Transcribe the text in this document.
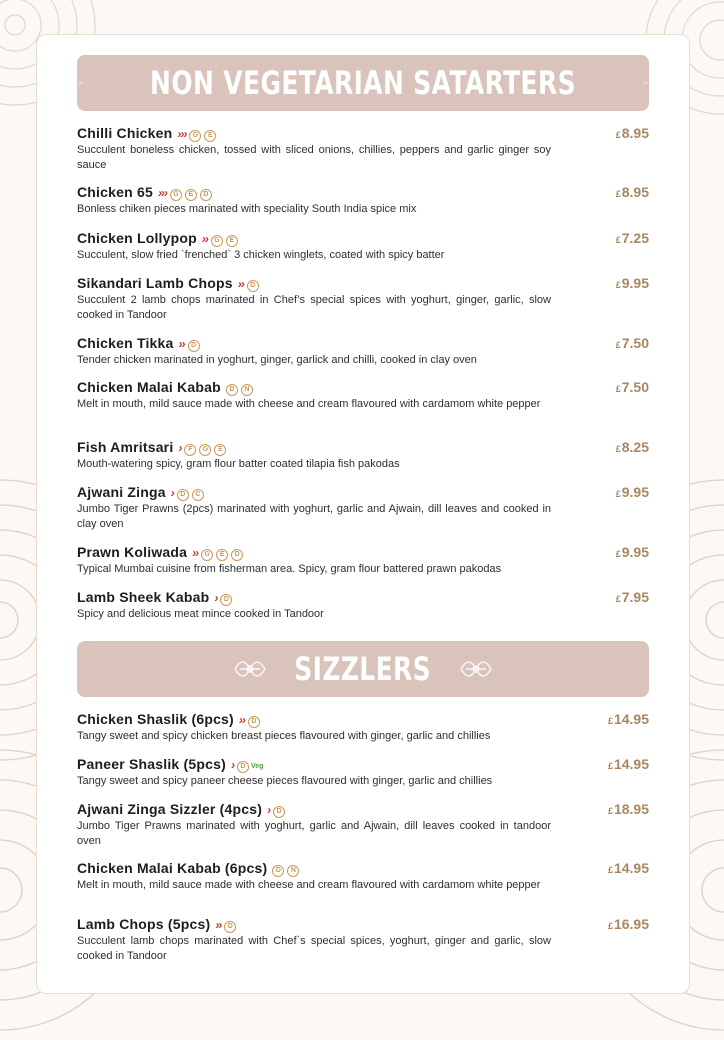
NON VEGETARIAN SATARTERS
Chilli Chicken ››› G E
Succulent boneless chicken, tossed with sliced onions, chillies, peppers and garlic ginger soy sauce
£8.95
Chicken 65 ››› G E D
Bonless chiken pieces marinated with speciality South India spice mix
£8.95
Chicken Lollypop ›› G E
Succulent, slow fried `frenched` 3 chicken winglets, coated with spicy batter
£7.25
Sikandari Lamb Chops ›› D
Succulent 2 lamb chops marinated in Chef’s special spices with yoghurt, ginger, garlic, slow cooked in Tandoor
£9.95
Chicken Tikka ›› D
Tender chicken marinated in yoghurt, ginger, garlick and chilli, cooked in clay oven
£7.50
Chicken Malai Kabab D N
Melt in mouth, mild sauce made with cheese and cream flavoured with cardamom white pepper
£7.50
Fish Amritsari › F G E
Mouth-watering spicy, gram flour batter coated tilapia fish pakodas
£8.25
Ajwani Zinga › D C
Jumbo Tiger Prawns (2pcs) marinated with yoghurt, garlic and Ajwain, dill leaves and cooked in clay oven
£9.95
Prawn Koliwada ›› G E D
Typical Mumbai cuisine from fisherman area. Spicy, gram flour battered prawn pakodas
£9.95
Lamb Sheek Kabab › D
Spicy and delicious meat mince cooked in Tandoor
£7.95
SIZZLERS
Chicken Shaslik (6pcs) ›› D
Tangy sweet and spicy chicken breast pieces flavoured with ginger, garlic and chillies
£14.95
Paneer Shaslik (5pcs) › D Veg
Tangy sweet and spicy paneer cheese pieces flavoured with ginger, garlic and chillies
£14.95
Ajwani Zinga Sizzler (4pcs) › D
Jumbo Tiger Prawns marinated with yoghurt, garlic and Ajwain, dill leaves cooked in tandoor oven
£18.95
Chicken Malai Kabab (6pcs) D N
Melt in mouth, mild sauce made with cheese and cream flavoured with cardamom white pepper
£14.95
Lamb Chops (5pcs) ›› D
Succulent lamb chops marinated with Chef`s special spices, yoghurt, ginger and garlic, slow cooked in Tandoor
£16.95
